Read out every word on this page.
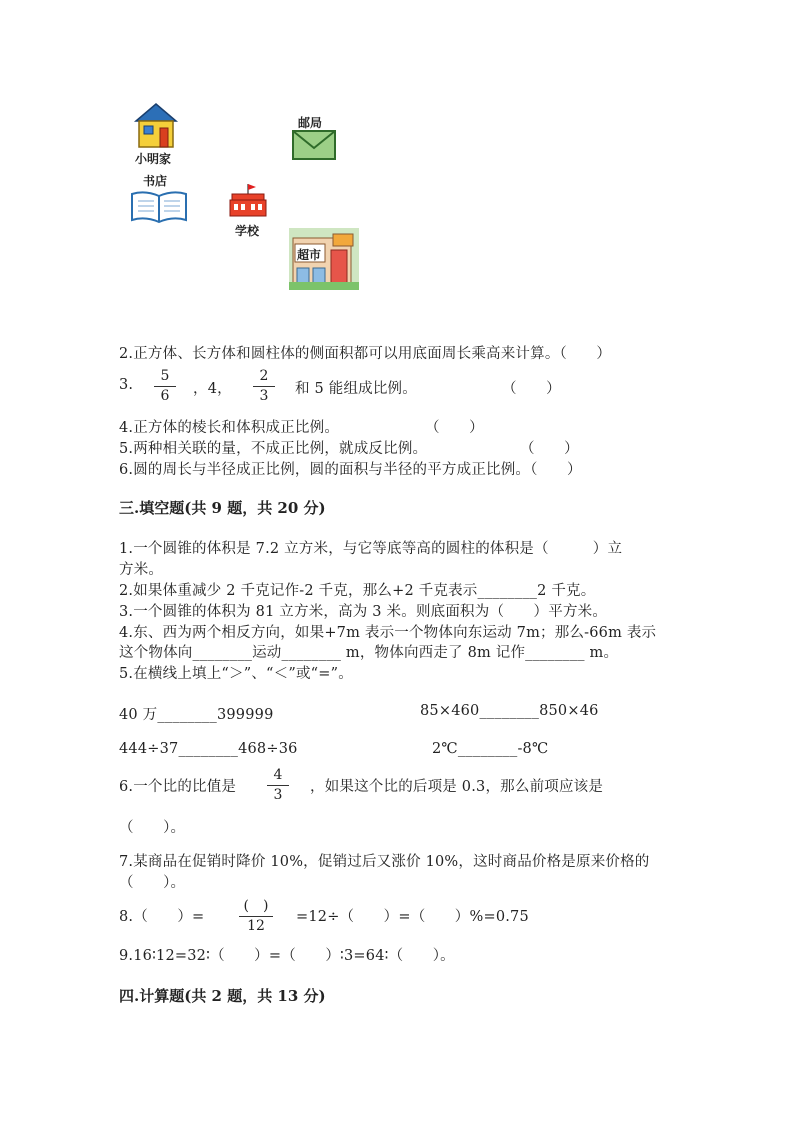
小明家
邮局
书店
学校
超市
2.正方体、长方体和圆柱体的侧面积都可以用底面周长乘高来计算。（　　）
3. $\frac{5}{6}$ ，4， $\frac{2}{3}$ 和 5 能组成比例。	（　　）
4.正方体的棱长和体积成正比例。	（　　）
5.两种相关联的量，不成正比例，就成反比例。	（　　）
6.圆的周长与半径成正比例，圆的面积与半径的平方成正比例。（　　）
三.填空题(共 9 题，共 20 分)
1.一个圆锥的体积是 7.2 立方米，与它等底等高的圆柱的体积是（　　　）立
方米。
2.如果体重减少 2 千克记作-2 千克，那么+2 千克表示________2 千克。
3.一个圆锥的体积为 81 立方米，高为 3 米。则底面积为（　　）平方米。
4.东、西为两个相反方向，如果+7m 表示一个物体向东运动 7m；那么-66m 表示
这个物体向________运动________ m，物体向西走了 8m 记作________ m。
5.在横线上填上“＞”、“＜”或“=”。
40 万________399999	85×460________850×46
444÷37________468÷36	2℃________-8℃
6.一个比的比值是 $\frac{4}{3}$ ，如果这个比的后项是 0.3，那么前项应该是
（　　）。
7.某商品在促销时降价 10%，促销过后又涨价 10%，这时商品价格是原来价格的
（　　）。
8.（　　）=
(　)
12
=12÷（　　）=（　　）%=0.75
9.16∶12=32∶（　　）=（　　）∶3=64∶（　　）。
四.计算题(共 2 题，共 13 分)
